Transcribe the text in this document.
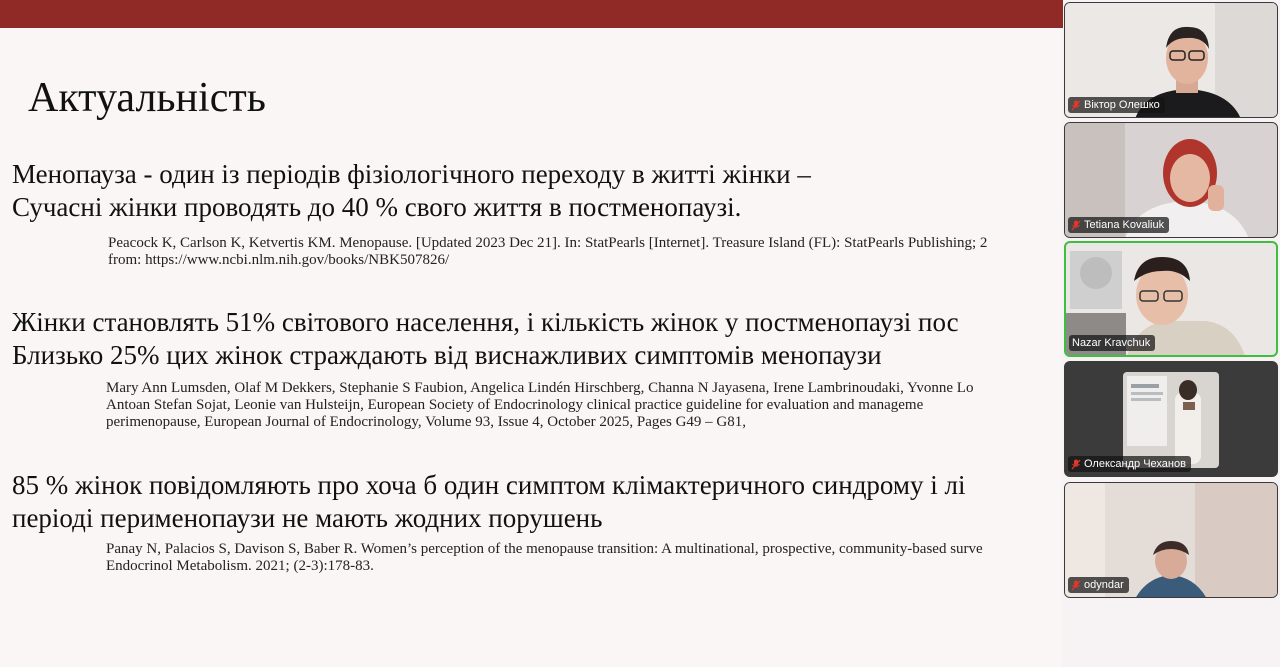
Актуальність
Менопауза - один із періодів фізіологічного переходу в житті жінки –
Сучасні жінки проводять до 40 % свого життя в постменопаузі.
Peacock K, Carlson K, Ketvertis KM. Menopause. [Updated 2023 Dec 21]. In: StatPearls [Internet]. Treasure Island (FL): StatPearls Publishing; 2
from: https://www.ncbi.nlm.nih.gov/books/NBK507826/
Жінки становлять 51% світового населення, і кількість жінок у постменопаузі пос
Близько 25% цих жінок страждають від виснажливих симптомів менопаузи
Mary Ann Lumsden, Olaf M Dekkers, Stephanie S Faubion, Angelica Lindén Hirschberg, Channa N Jayasena, Irene Lambrinoudaki, Yvonne Lo
Antoan Stefan Sojat, Leonie van Hulsteijn, European Society of Endocrinology clinical practice guideline for evaluation and manageme
perimenopause, European Journal of Endocrinology, Volume 93, Issue 4, October 2025, Pages G49 – G81,
85 % жінок повідомляють про хоча б один симптом клімактеричного синдрому і лі
періоді перименопаузи не мають жодних порушень
Panay N, Palacios S, Davison S, Baber R. Women’s perception of the menopause transition: A multinational, prospective, community-based surve
Endocrinol Metabolism. 2021; (2-3):178-83.
Віктор Олешко
Tetiana Kovaliuk
Nazar Kravchuk
Олександр Чеханов
odyndar
